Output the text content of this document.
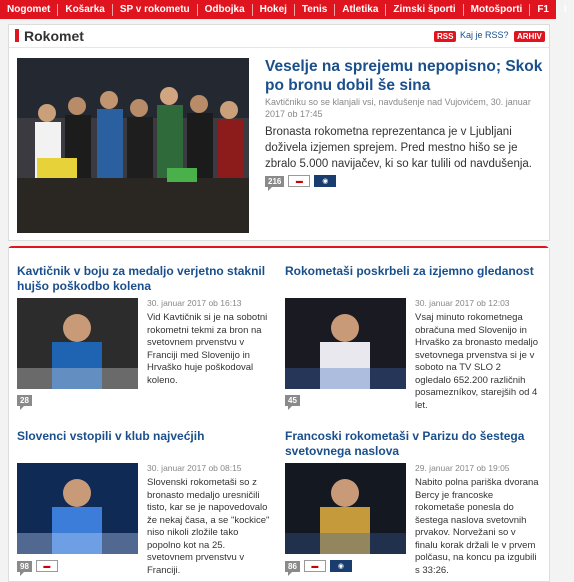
Nogomet	Košarka	SP v rokometu	Odbojka	Hokej	Tenis	Atletika	Zimski športi	Motošporti	F1	I
Rokomet	RSS Kaj je RSS?	ARHIV
Veselje na sprejemu nepopisno; Skok po bronu dobil še sina
Kavtičniku so se klanjali vsi, navdušenje nad Vujovićem, 30. januar 2017 ob 17:45
Bronasta rokometna reprezentanca je v Ljubljani doživela izjemen sprejem. Pred mestno hišo se je zbralo 5.000 navijačev, ki so kar tulili od navdušenja.
216	▬	◉
Kavtičnik v boju za medaljo verjetno staknil hujšo poškodbo kolena
30. januar 2017 ob 16:13
Vid Kavtičnik si je na sobotni rokometni tekmi za bron na svetovnem prvenstvu v Franciji med Slovenijo in Hrvaško huje poškodoval koleno.
28
Rokometaši poskrbeli za izjemno gledanost
30. januar 2017 ob 12:03
Vsaj minuto rokometnega obračuna med Slovenijo in Hrvaško za bronasto medaljo svetovnega prvenstva si je v soboto na TV SLO 2 ogledalo 652.200 različnih posamezníkov, starejših od 4 let.
45
Slovenci vstopili v klub najvećjih
30. januar 2017 ob 08:15
Slovenski rokometaši so z bronasto medaljo uresničili tisto, kar se je napovedovalo že nekaj časa, a se "kockice" niso nikoli zložile tako popolno kot na 25. svetovnem prvenstvu v Franciji.
98	▬
Francoski rokometaši v Parizu do šestega svetovnega naslova
29. januar 2017 ob 19:05
Nabito polna pariška dvorana Bercy je francoske rokometaše ponesla do šestega naslova svetovnih prvakov. Norvežani so v finalu korak držali le v prvem polčasu, na koncu pa izgubili s 33:26.
86	▬	◉
